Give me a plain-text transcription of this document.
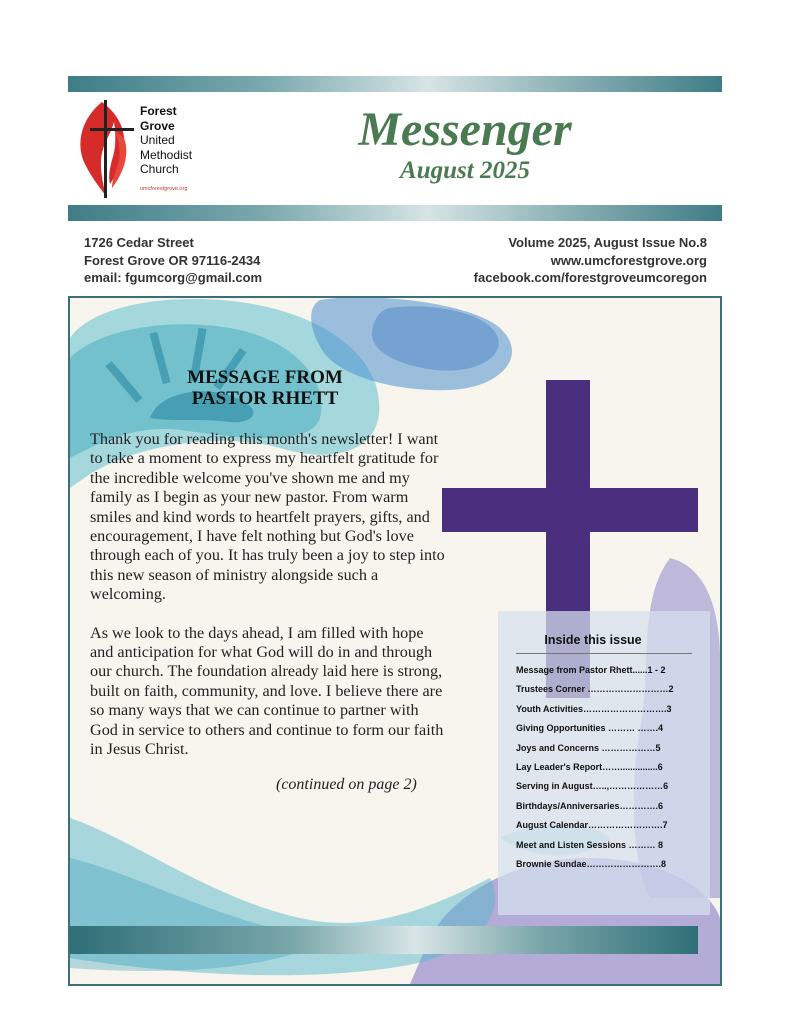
Forest
Grove
United
Methodist
Church
umcforestgrove.org
Messenger
August 2025
1726 Cedar Street
Forest Grove OR 97116-2434
email: fgumcorg@gmail.com
Volume 2025, August Issue No.8
www.umcforestgrove.org
facebook.com/forestgroveumcoregon
MESSAGE FROM
PASTOR RHETT

Thank you for reading this month's newsletter! I want to take a moment to express my heartfelt gratitude for the incredible welcome you've shown me and my family as I begin as your new pastor. From warm smiles and kind words to heartfelt prayers, gifts, and encouragement, I have felt nothing but God's love through each of you. It has truly been a joy to step into this new season of ministry alongside such a welcoming.

As we look to the days ahead, I am filled with hope and anticipation for what God will do in and through our church. The foundation already laid here is strong, built on faith, community, and love. I believe there are so many ways that we can continue to partner with God in service to others and continue to form our faith in Jesus Christ.

(continued on page 2)
Inside this issue
Message from Pastor Rhett......1 - 2
Trustees Corner ………………………2
Youth Activities……………………….3
Giving Opportunities ……… …….4
Joys and Concerns ………………5
Lay Leader's Report……...............6
Serving in August…..,………………6
Birthdays/Anniversaries………….6
August Calendar…………………….7
Meet and Listen Sessions ……… 8
Brownie Sundae…………………….8
